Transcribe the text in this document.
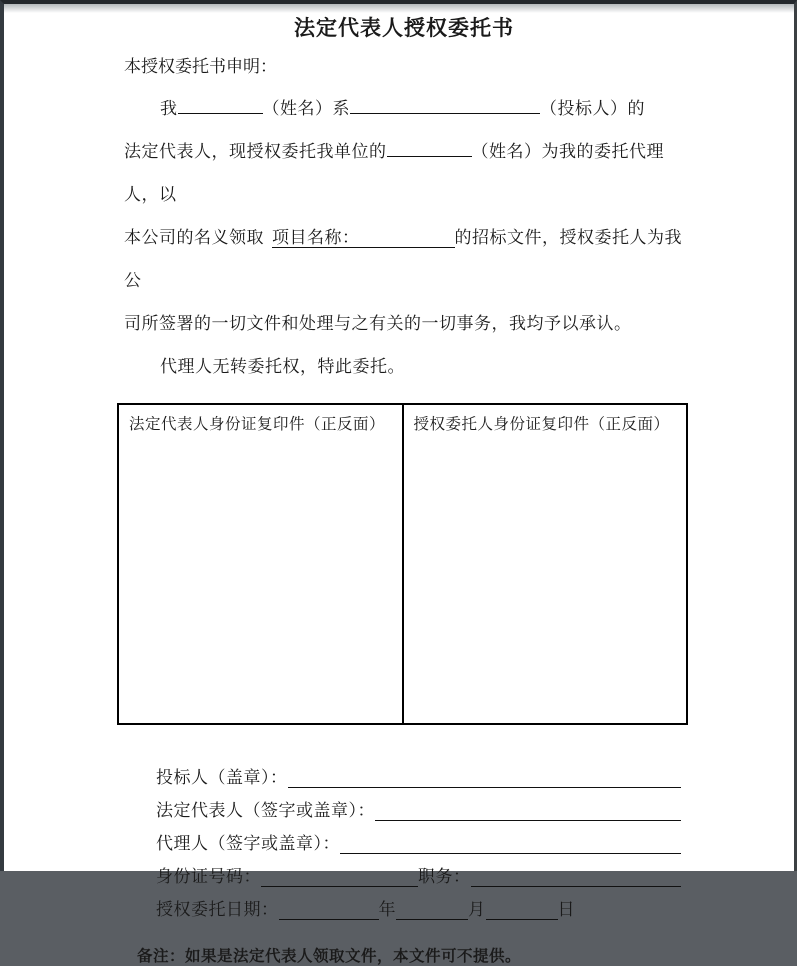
法定代表人授权委托书
本授权委托书申明：
我	（姓名）系	（投标人）的
法定代表人，现授权委托我单位的	（姓名）为我的委托代理人，以
本公司的名义领取 项目名称：	的招标文件，授权委托人为我公
司所签署的一切文件和处理与之有关的一切事务，我均予以承认。
代理人无转委托权，特此委托。
法定代表人身份证复印件（正反面）	授权委托人身份证复印件（正反面）
投标人（盖章）：
法定代表人（签字或盖章）：
代理人（签字或盖章）：
身份证号码：	职务：
授权委托日期：	年	月	日
备注：如果是法定代表人领取文件，本文件可不提供。
